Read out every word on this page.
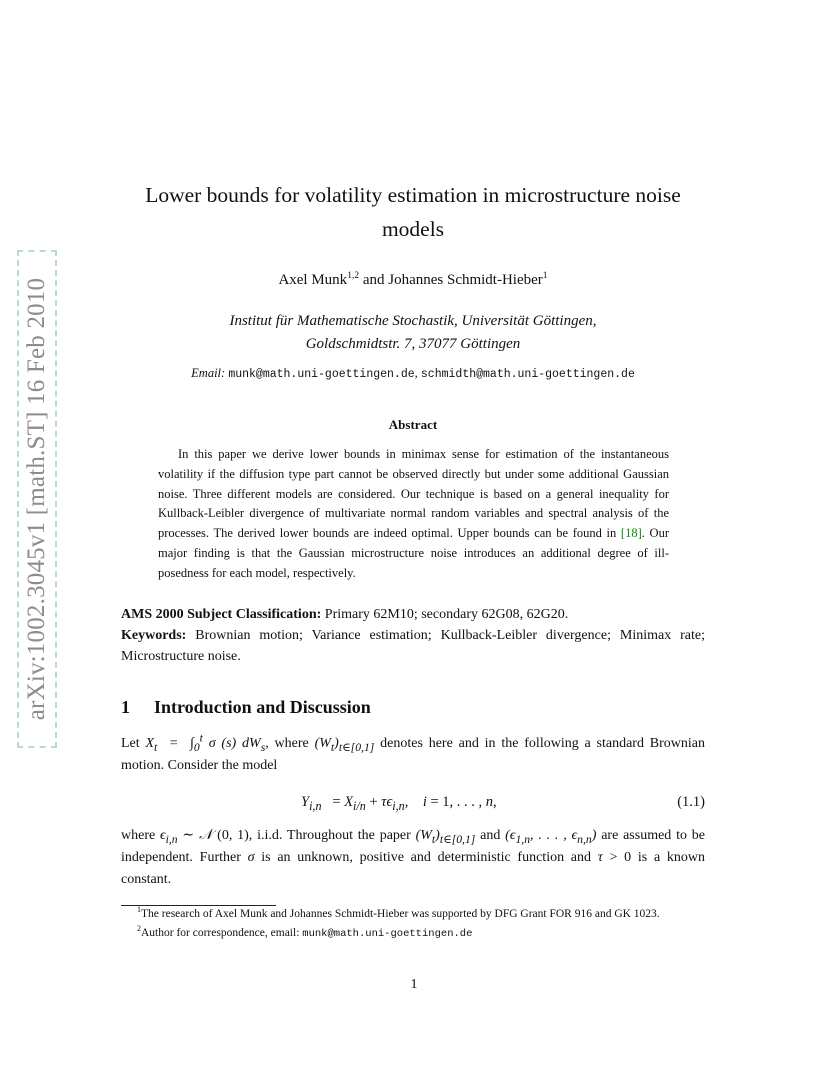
arXiv:1002.3045v1 [math.ST] 16 Feb 2010
Lower bounds for volatility estimation in microstructure noise models
Axel Munk$^{1,2}$ and Johannes Schmidt-Hieber$^1$
Institut für Mathematische Stochastik, Universität Göttingen,
Goldschmidtstr. 7, 37077 Göttingen
Email: munk@math.uni-goettingen.de, schmidth@math.uni-goettingen.de
Abstract

In this paper we derive lower bounds in minimax sense for estimation of the instantaneous volatility if the diffusion type part cannot be observed directly but under some additional Gaussian noise. Three different models are considered. Our technique is based on a general inequality for Kullback-Leibler divergence of multivariate normal random variables and spectral analysis of the processes. The derived lower bounds are indeed optimal. Upper bounds can be found in [18]. Our major finding is that the Gaussian microstructure noise introduces an additional degree of ill-posedness for each model, respectively.

AMS 2000 Subject Classification: Primary 62M10; secondary 62G08, 62G20.
Keywords: Brownian motion; Variance estimation; Kullback-Leibler divergence; Minimax rate; Microstructure noise.
1 Introduction and Discussion

Let $X_t = \int_0^t$ σ (s) $dW_s$, where $(W_t)_{t\in[0,1]}$ denotes here and in the following a standard Brownian motion. Consider the model

$Y_{i,n} = X_{i/n} + \tau\epsilon_{i,n}$,    i = 1, . . . , n,	(1.1)

where $\epsilon_{i,n}$ ∼ 𝒩 (0, 1), i.i.d. Throughout the paper $(W_t)_{t\in[0,1]}$ and ($\epsilon_{1,n}$, . . . , $\epsilon_{n,n}$) are assumed to be independent. Further σ is an unknown, positive and deterministic function and τ > 0 is a known constant.

$^1$The research of Axel Munk and Johannes Schmidt-Hieber was supported by DFG Grant FOR 916 and GK 1023.
$^2$Author for correspondence, email: munk@math.uni-goettingen.de
1
